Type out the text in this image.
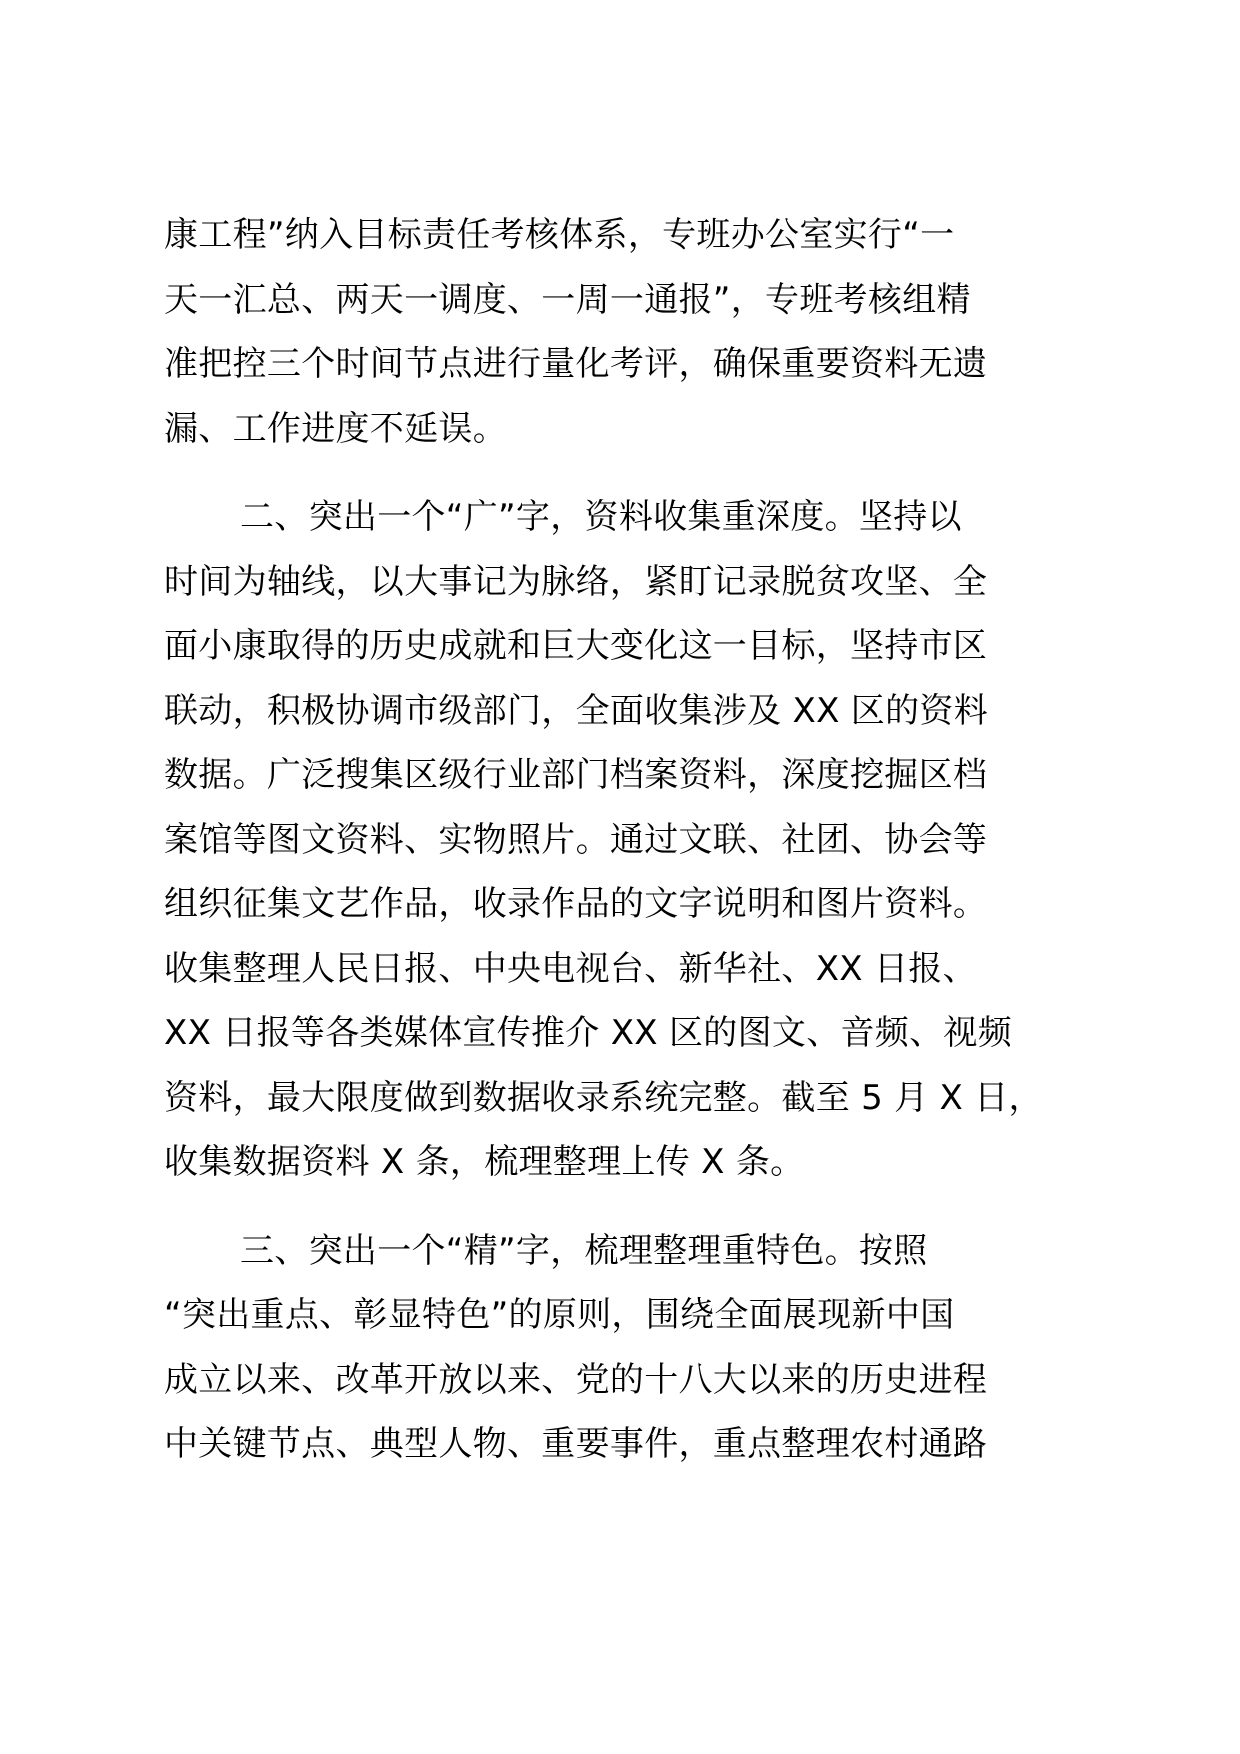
康工程”纳入目标责任考核体系，专班办公室实行“一
天一汇总、两天一调度、一周一通报”，专班考核组精
准把控三个时间节点进行量化考评，确保重要资料无遗
漏、工作进度不延误。
二、突出一个“广”字，资料收集重深度。坚持以
时间为轴线，以大事记为脉络，紧盯记录脱贫攻坚、全
面小康取得的历史成就和巨大变化这一目标，坚持市区
联动，积极协调市级部门，全面收集涉及 XX 区的资料
数据。广泛搜集区级行业部门档案资料，深度挖掘区档
案馆等图文资料、实物照片。通过文联、社团、协会等
组织征集文艺作品，收录作品的文字说明和图片资料。
收集整理人民日报、中央电视台、新华社、XX 日报、
XX 日报等各类媒体宣传推介 XX 区的图文、音频、视频
资料，最大限度做到数据收录系统完整。截至 5 月 X 日，
收集数据资料 X 条，梳理整理上传 X 条。
三、突出一个“精”字，梳理整理重特色。按照
“突出重点、彰显特色”的原则，围绕全面展现新中国
成立以来、改革开放以来、党的十八大以来的历史进程
中关键节点、典型人物、重要事件，重点整理农村通路
